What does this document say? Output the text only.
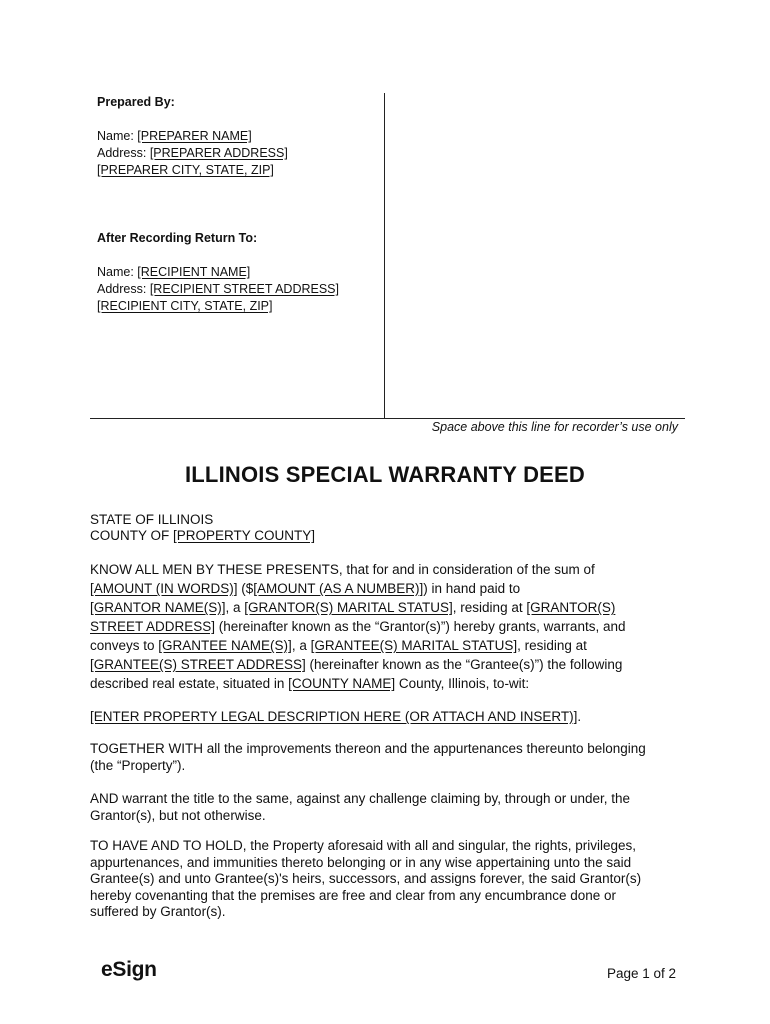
Prepared By:
Name: [PREPARER NAME]
Address: [PREPARER ADDRESS]
[PREPARER CITY, STATE, ZIP]
After Recording Return To:
Name: [RECIPIENT NAME]
Address: [RECIPIENT STREET ADDRESS]
[RECIPIENT CITY, STATE, ZIP]
Space above this line for recorder’s use only
ILLINOIS SPECIAL WARRANTY DEED
STATE OF ILLINOIS
COUNTY OF [PROPERTY COUNTY]
KNOW ALL MEN BY THESE PRESENTS, that for and in consideration of the sum of
[AMOUNT (IN WORDS)] ($[AMOUNT (AS A NUMBER)]) in hand paid to
[GRANTOR NAME(S)], a [GRANTOR(S) MARITAL STATUS], residing at [GRANTOR(S)
STREET ADDRESS] (hereinafter known as the “Grantor(s)”) hereby grants, warrants, and
conveys to [GRANTEE NAME(S)], a [GRANTEE(S) MARITAL STATUS], residing at
[GRANTEE(S) STREET ADDRESS] (hereinafter known as the “Grantee(s)”) the following
described real estate, situated in [COUNTY NAME] County, Illinois, to-wit:
[ENTER PROPERTY LEGAL DESCRIPTION HERE (OR ATTACH AND INSERT)].
TOGETHER WITH all the improvements thereon and the appurtenances thereunto belonging
(the “Property”).
AND warrant the title to the same, against any challenge claiming by, through or under, the
Grantor(s), but not otherwise.
TO HAVE AND TO HOLD, the Property aforesaid with all and singular, the rights, privileges,
appurtenances, and immunities thereto belonging or in any wise appertaining unto the said
Grantee(s) and unto Grantee(s)'s heirs, successors, and assigns forever, the said Grantor(s)
hereby covenanting that the premises are free and clear from any encumbrance done or
suffered by Grantor(s).
eSign	Page 1 of 2
